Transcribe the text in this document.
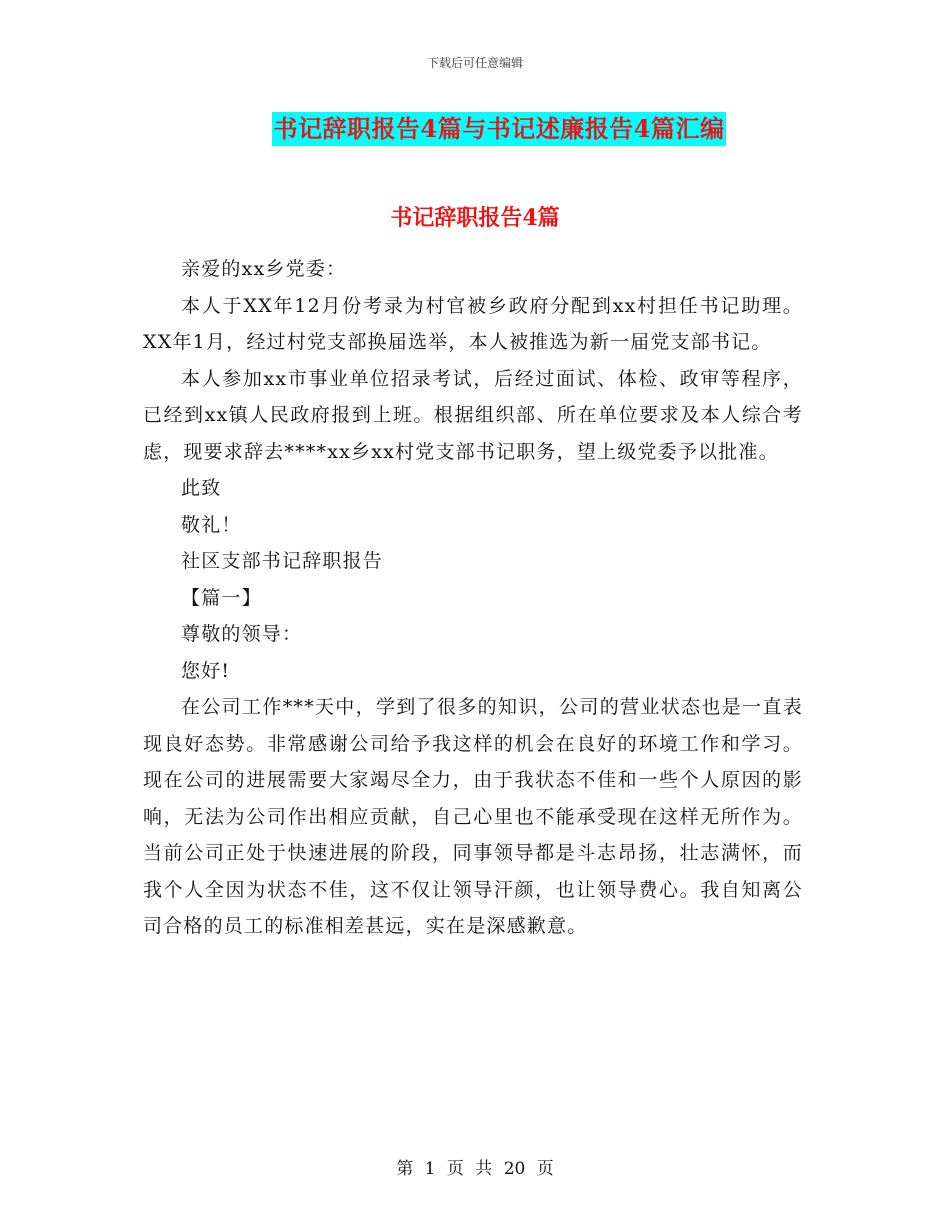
下载后可任意编辑
书记辞职报告4篇与书记述廉报告4篇汇编
书记辞职报告4篇

亲爱的xx乡党委：

本人于XX年12月份考录为村官被乡政府分配到xx村担任书记助理。XX年1月，经过村党支部换届选举，本人被推选为新一届党支部书记。

本人参加xx市事业单位招录考试，后经过面试、体检、政审等程序，已经到xx镇人民政府报到上班。根据组织部、所在单位要求及本人综合考虑，现要求辞去****xx乡xx村党支部书记职务，望上级党委予以批准。

此致

敬礼！

社区支部书记辞职报告

【篇一】

尊敬的领导：

您好!

在公司工作***天中，学到了很多的知识，公司的营业状态也是一直表现良好态势。非常感谢公司给予我这样的机会在良好的环境工作和学习。现在公司的进展需要大家竭尽全力，由于我状态不佳和一些个人原因的影响，无法为公司作出相应贡献，自己心里也不能承受现在这样无所作为。当前公司正处于快速进展的阶段，同事领导都是斗志昂扬，壮志满怀，而我个人全因为状态不佳，这不仅让领导汗颜，也让领导费心。我自知离公司合格的员工的标准相差甚远，实在是深感歉意。

第 1 页 共 20 页
